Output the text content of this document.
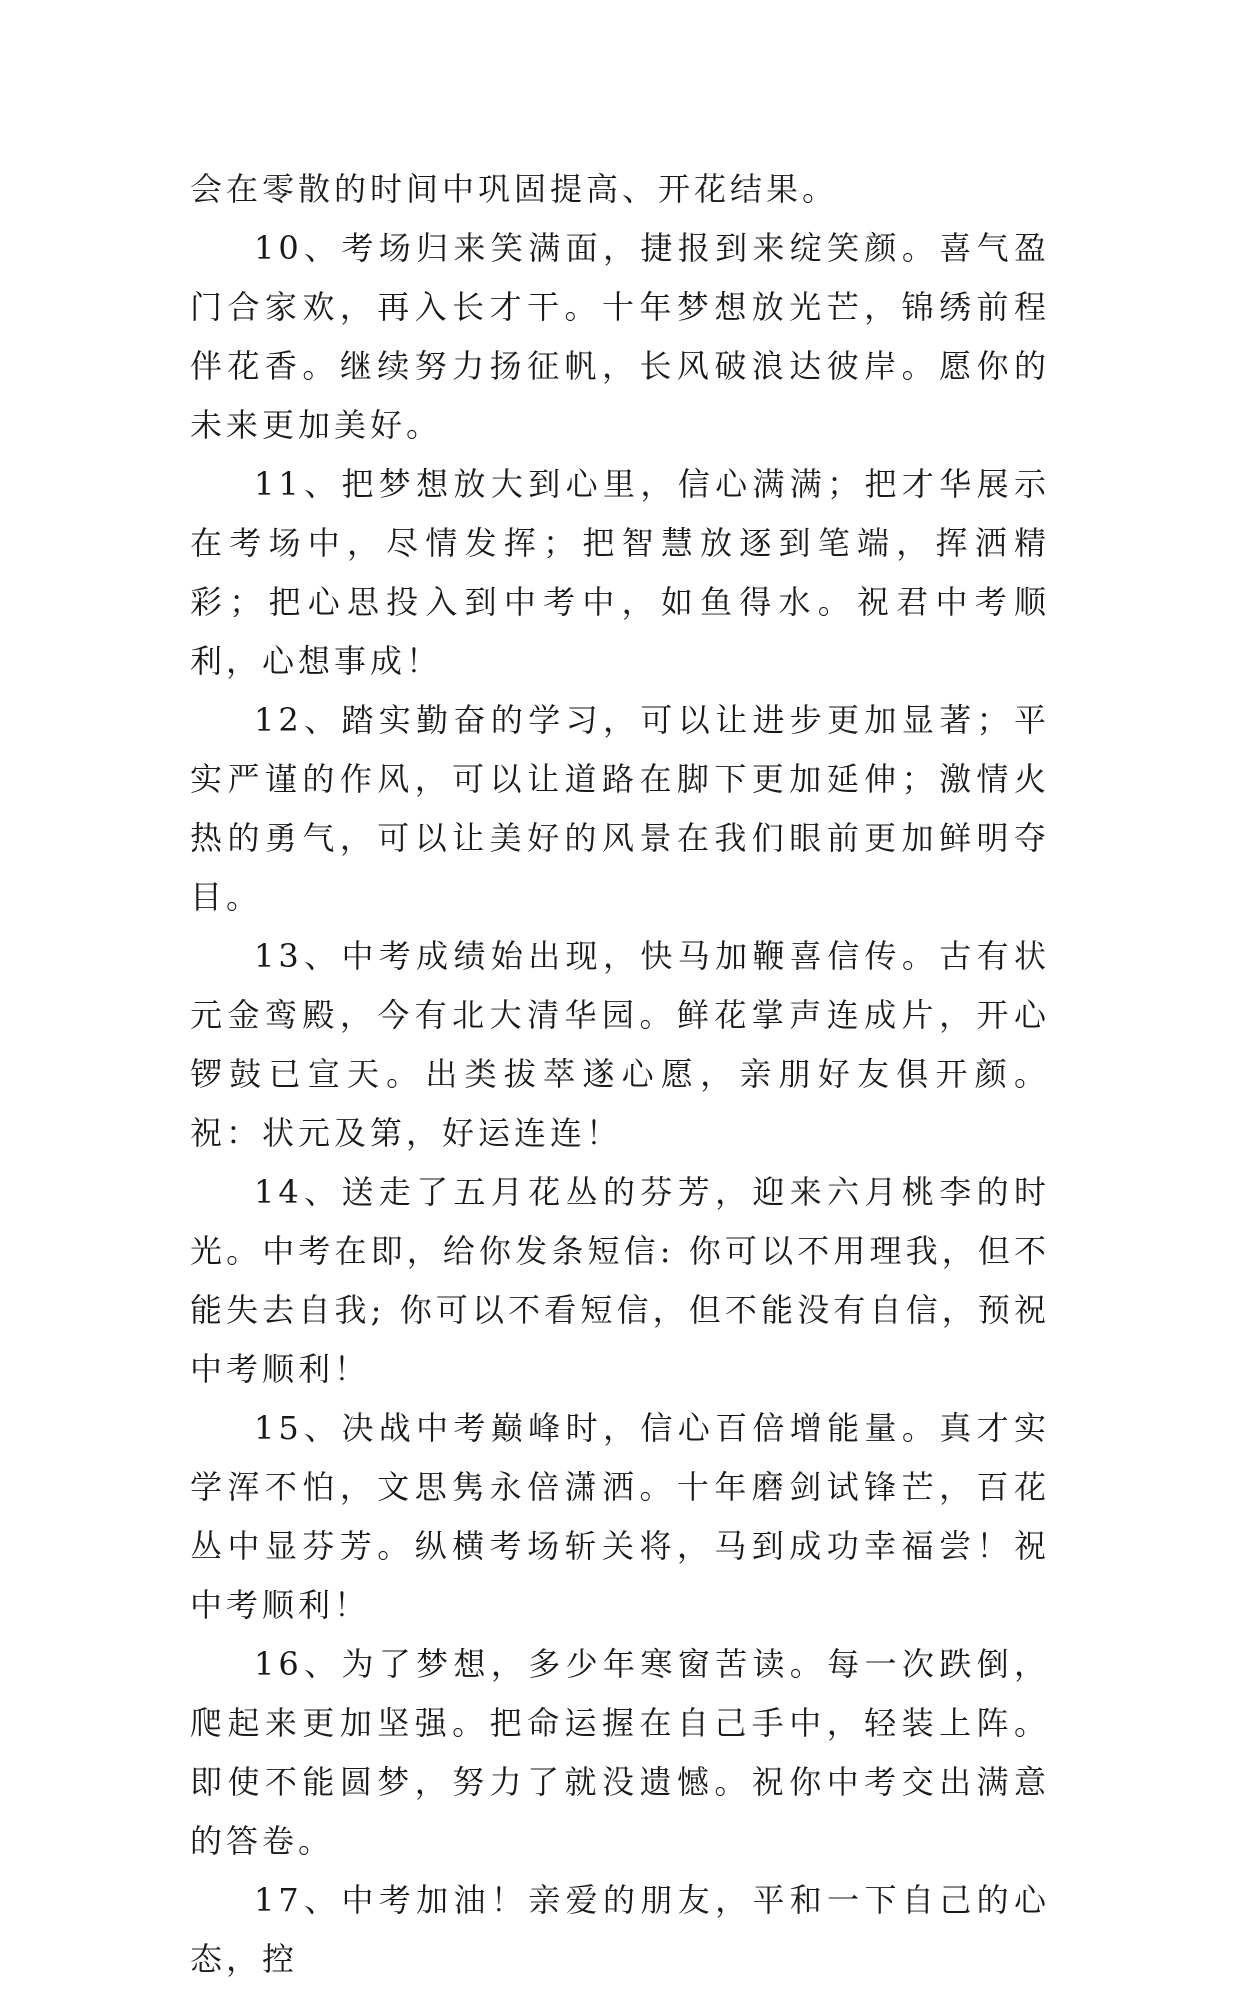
会在零散的时间中巩固提高、开花结果。

10、考场归来笑满面，捷报到来绽笑颜。喜气盈门合家欢，再入长才干。十年梦想放光芒，锦绣前程伴花香。继续努力扬征帆，长风破浪达彼岸。愿你的未来更加美好。

11、把梦想放大到心里，信心满满；把才华展示在考场中，尽情发挥；把智慧放逐到笔端，挥洒精彩；把心思投入到中考中，如鱼得水。祝君中考顺利，心想事成！

12、踏实勤奋的学习，可以让进步更加显著；平实严谨的作风，可以让道路在脚下更加延伸；激情火热的勇气，可以让美好的风景在我们眼前更加鲜明夺目。

13、中考成绩始出现，快马加鞭喜信传。古有状元金鸾殿，今有北大清华园。鲜花掌声连成片，开心锣鼓已宣天。出类拔萃遂心愿，亲朋好友俱开颜。祝：状元及第，好运连连！

14、送走了五月花丛的芬芳，迎来六月桃李的时光。中考在即，给你发条短信: 你可以不用理我，但不能失去自我; 你可以不看短信，但不能没有自信，预祝中考顺利！

15、决战中考巅峰时，信心百倍增能量。真才实学浑不怕，文思隽永倍潇洒。十年磨剑试锋芒，百花丛中显芬芳。纵横考场斩关将，马到成功幸福尝！祝中考顺利！

16、为了梦想，多少年寒窗苦读。每一次跌倒，爬起来更加坚强。把命运握在自己手中，轻装上阵。即使不能圆梦，努力了就没遗憾。祝你中考交出满意的答卷。

17、中考加油！亲爱的朋友，平和一下自己的心态，控
